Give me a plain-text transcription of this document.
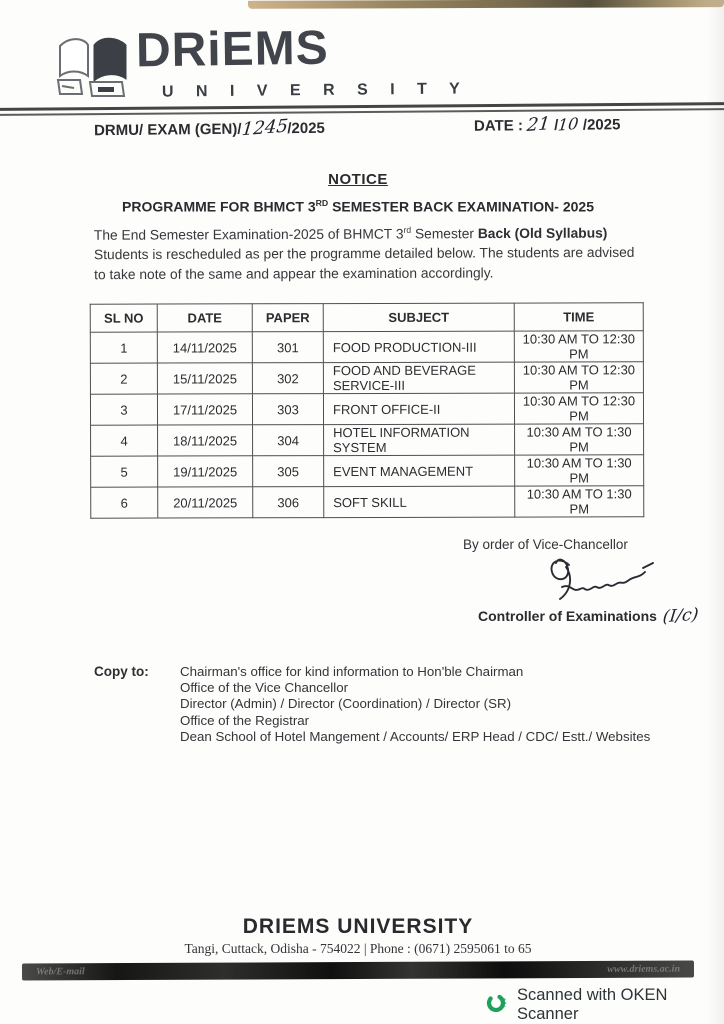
DRiEMS
U N I V E R S I T Y
DRMU/ EXAM (GEN)/1245/2025	DATE : 21 /10 /2025
NOTICE
PROGRAMME FOR BHMCT 3RD SEMESTER BACK EXAMINATION- 2025
The End Semester Examination-2025 of BHMCT 3rd Semester Back (Old Syllabus) Students is rescheduled as per the programme detailed below. The students are advised to take note of the same and appear the examination accordingly.
SL NO	DATE	PAPER	SUBJECT	TIME
1	14/11/2025	301	FOOD PRODUCTION-III	10:30 AM TO 12:30 PM
2	15/11/2025	302	FOOD AND BEVERAGE SERVICE-III	10:30 AM TO 12:30 PM
3	17/11/2025	303	FRONT OFFICE-II	10:30 AM TO 12:30 PM
4	18/11/2025	304	HOTEL INFORMATION SYSTEM	10:30 AM TO 1:30 PM
5	19/11/2025	305	EVENT MANAGEMENT	10:30 AM TO 1:30 PM
6	20/11/2025	306	SOFT SKILL	10:30 AM TO 1:30 PM
By order of Vice-Chancellor
Controller of Examinations (I/c)
Copy to: Chairman's office for kind information to Hon'ble Chairman
Office of the Vice Chancellor
Director (Admin) / Director (Coordination) / Director (SR)
Office of the Registrar
Dean School of Hotel Mangement / Accounts/ ERP Head / CDC/ Estt./ Websites
DRIEMS UNIVERSITY
Tangi, Cuttack, Odisha - 754022 | Phone : (0671) 2595061 to 65
Web/E-mail	www.driems.ac.in
Scanned with OKEN Scanner
